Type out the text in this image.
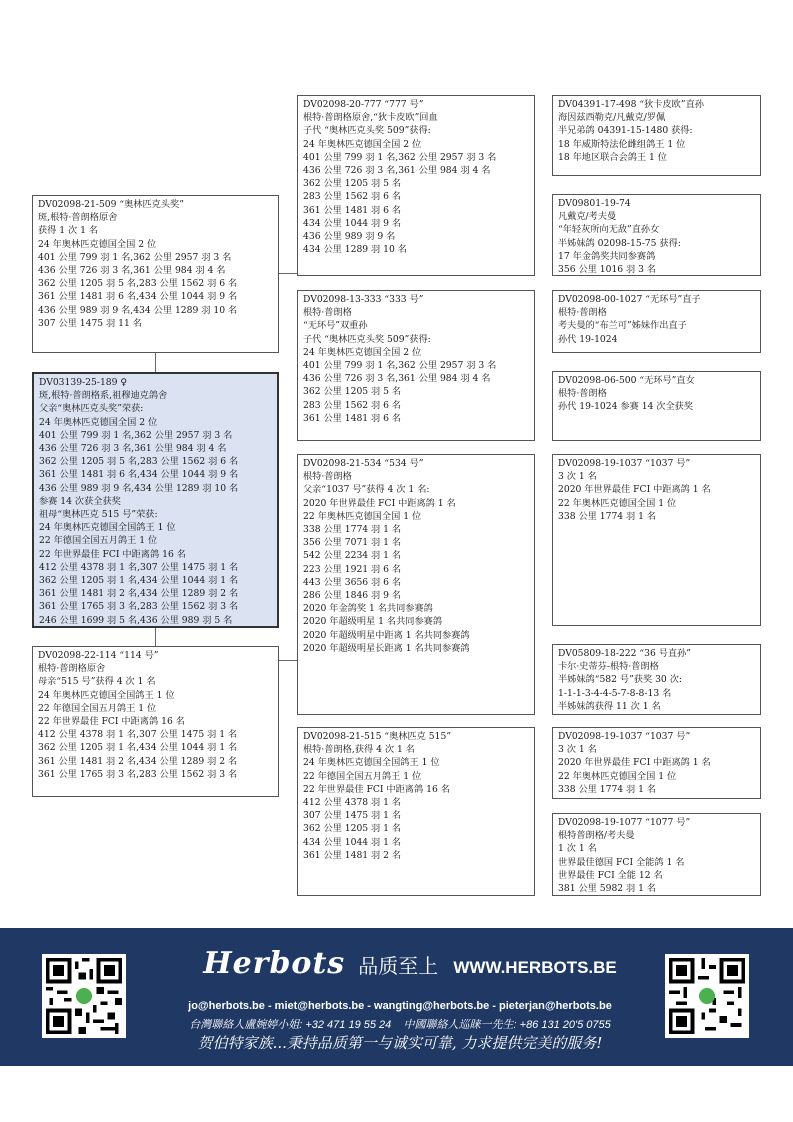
DV02098-21-509 “奥林匹克头奖”
斑,根特·普朗格原舍
获得 1 次 1 名
24 年奥林匹克德国全国 2 位
401 公里 799 羽 1 名,362 公里 2957 羽 3 名
436 公里 726 羽 3 名,361 公里 984 羽 4 名
362 公里 1205 羽 5 名,283 公里 1562 羽 6 名
361 公里 1481 羽 6 名,434 公里 1044 羽 9 名
436 公里 989 羽 9 名,434 公里 1289 羽 10 名
307 公里 1475 羽 11 名
DV03139-25-189 ♀
斑,根特·普朗格系,祖穆迪克鸽舍
父亲“奥林匹克头奖”荣获:
24 年奥林匹克德国全国 2 位
401 公里 799 羽 1 名,362 公里 2957 羽 3 名
436 公里 726 羽 3 名,361 公里 984 羽 4 名
362 公里 1205 羽 5 名,283 公里 1562 羽 6 名
361 公里 1481 羽 6 名,434 公里 1044 羽 9 名
436 公里 989 羽 9 名,434 公里 1289 羽 10 名
参赛 14 次获全获奖
祖母“奥林匹克 515 号”荣获:
24 年奥林匹克德国全国鸽王 1 位
22 年德国全国五月鸽王 1 位
22 年世界最佳 FCI 中距离鸽 16 名
412 公里 4378 羽 1 名,307 公里 1475 羽 1 名
362 公里 1205 羽 1 名,434 公里 1044 羽 1 名
361 公里 1481 羽 2 名,434 公里 1289 羽 2 名
361 公里 1765 羽 3 名,283 公里 1562 羽 3 名
246 公里 1699 羽 5 名,436 公里 989 羽 5 名
DV02098-22-114 “114 号”
根特·普朗格原舍
母亲“515 号”获得 4 次 1 名
24 年奥林匹克德国全国鸽王 1 位
22 年德国全国五月鸽王 1 位
22 年世界最佳 FCI 中距离鸽 16 名
412 公里 4378 羽 1 名,307 公里 1475 羽 1 名
362 公里 1205 羽 1 名,434 公里 1044 羽 1 名
361 公里 1481 羽 2 名,434 公里 1289 羽 2 名
361 公里 1765 羽 3 名,283 公里 1562 羽 3 名
DV02098-20-777 “777 号”
根特·普朗格原舍,“狄卡皮欧”回血
子代 “奥林匹克头奖 509”获得:
24 年奥林匹克德国全国 2 位
401 公里 799 羽 1 名,362 公里 2957 羽 3 名
436 公里 726 羽 3 名,361 公里 984 羽 4 名
362 公里 1205 羽 5 名
283 公里 1562 羽 6 名
361 公里 1481 羽 6 名
434 公里 1044 羽 9 名
436 公里 989 羽 9 名
434 公里 1289 羽 10 名
DV02098-13-333 “333 号”
根特·普朗格
“无环号”双重孙
子代 “奥林匹克头奖 509”获得:
24 年奥林匹克德国全国 2 位
401 公里 799 羽 1 名,362 公里 2957 羽 3 名
436 公里 726 羽 3 名,361 公里 984 羽 4 名
362 公里 1205 羽 5 名
283 公里 1562 羽 6 名
361 公里 1481 羽 6 名
DV02098-21-534 “534 号”
根特·普朗格
父亲“1037 号”获得 4 次 1 名:
2020 年世界最佳 FCI 中距离鸽 1 名
22 年奥林匹克德国全国 1 位
338 公里 1774 羽 1 名
356 公里 7071 羽 1 名
542 公里 2234 羽 1 名
223 公里 1921 羽 6 名
443 公里 3656 羽 6 名
286 公里 1846 羽 9 名
2020 年金鸽奖 1 名共同参赛鸽
2020 年超级明星 1 名共同参赛鸽
2020 年超级明星中距离 1 名共同参赛鸽
2020 年超级明星长距离 1 名共同参赛鸽
DV02098-21-515 “奥林匹克 515”
根特·普朗格,获得 4 次 1 名
24 年奥林匹克德国全国鸽王 1 位
22 年德国全国五月鸽王 1 位
22 年世界最佳 FCI 中距离鸽 16 名
412 公里 4378 羽 1 名
307 公里 1475 羽 1 名
362 公里 1205 羽 1 名
434 公里 1044 羽 1 名
361 公里 1481 羽 2 名
DV04391-17-498 “狄卡皮欧”直孙
海因兹西勒克/凡戴克/罗佩
半兄弟鸽 04391-15-1480 获得:
18 年威斯特法伦雌组鸽王 1 位
18 年地区联合会鸽王 1 位
DV09801-19-74
凡戴克/考夫曼
“年轻灰所向无敌”直孙女
半姊妹鸽 02098-15-75 获得:
17 年金鸽奖共同参赛鸽
356 公里 1016 羽 3 名
DV02098-00-1027 “无环号”直子
根特·普朗格
考夫曼的“布兰可”姊妹作出直子
孙代 19-1024
DV02098-06-500 “无环号”直女
根特·普朗格
孙代 19-1024 参赛 14 次全获奖
DV02098-19-1037 “1037 号”
3 次 1 名
2020 年世界最佳 FCI 中距离鸽 1 名
22 年奥林匹克德国全国 1 位
338 公里 1774 羽 1 名
DV05809-18-222 “36 号直孙”
卡尔·史蒂芬-根特·普朗格
半姊妹鸽“582 号”获奖 30 次:
1-1-1-3-4-4-5-7-8-8-13 名
半姊妹鸽获得 11 次 1 名
DV02098-19-1037 “1037 号”
3 次 1 名
2020 年世界最佳 FCI 中距离鸽 1 名
22 年奥林匹克德国全国 1 位
338 公里 1774 羽 1 名
DV02098-19-1077 “1077 号”
根特普朗格/考夫曼
1 次 1 名
世界最佳德国 FCI 全能鸽 1 名
世界最佳 FCI 全能 12 名
381 公里 5982 羽 1 名
Herbots 品质至上 WWW.HERBOTS.BE
jo@herbots.be - miet@herbots.be - wangting@herbots.be - pieterjan@herbots.be
台灣聯絡人盧婉婷小姐: +32 471 19 55 24 中國聯絡人巡睐一先生: +86 131 20'5 0755
贺伯特家族...秉持品质第一与诚实可靠, 力求提供完美的服务!
